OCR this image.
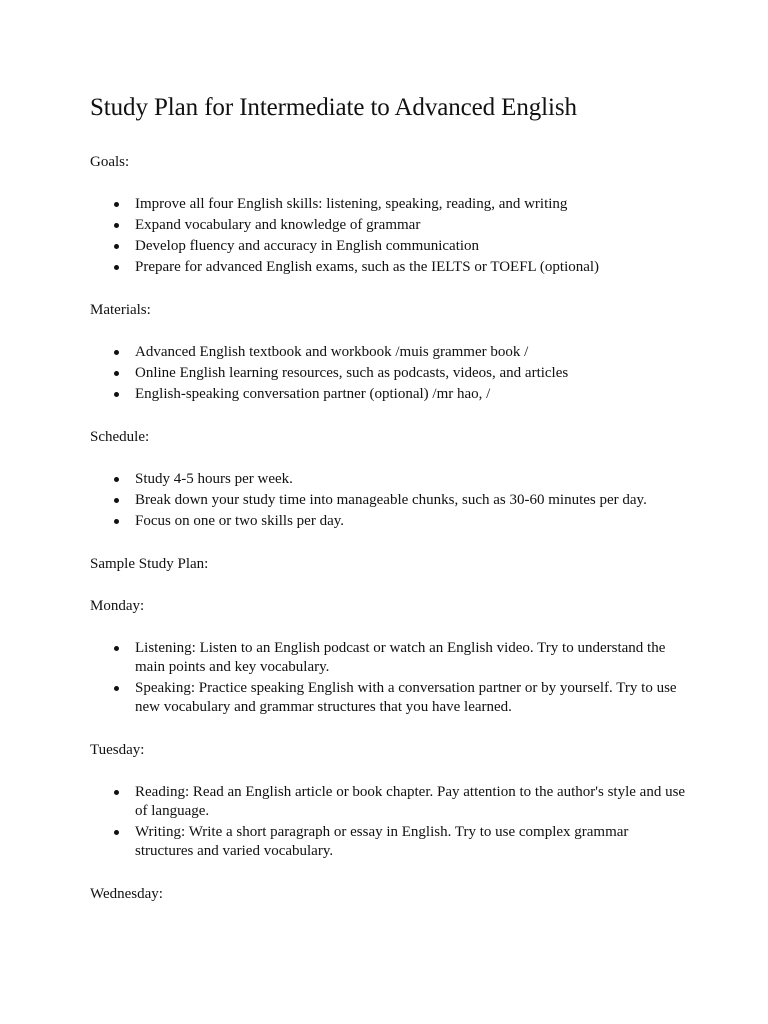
Study Plan for Intermediate to Advanced English
Goals:
Improve all four English skills: listening, speaking, reading, and writing
Expand vocabulary and knowledge of grammar
Develop fluency and accuracy in English communication
Prepare for advanced English exams, such as the IELTS or TOEFL (optional)
Materials:
Advanced English textbook and workbook /muis grammer book /
Online English learning resources, such as podcasts, videos, and articles
English-speaking conversation partner (optional) /mr hao, /
Schedule:
Study 4-5 hours per week.
Break down your study time into manageable chunks, such as 30-60 minutes per day.
Focus on one or two skills per day.
Sample Study Plan:
Monday:
Listening: Listen to an English podcast or watch an English video. Try to understand the main points and key vocabulary.
Speaking: Practice speaking English with a conversation partner or by yourself. Try to use new vocabulary and grammar structures that you have learned.
Tuesday:
Reading: Read an English article or book chapter. Pay attention to the author's style and use of language.
Writing: Write a short paragraph or essay in English. Try to use complex grammar structures and varied vocabulary.
Wednesday:
